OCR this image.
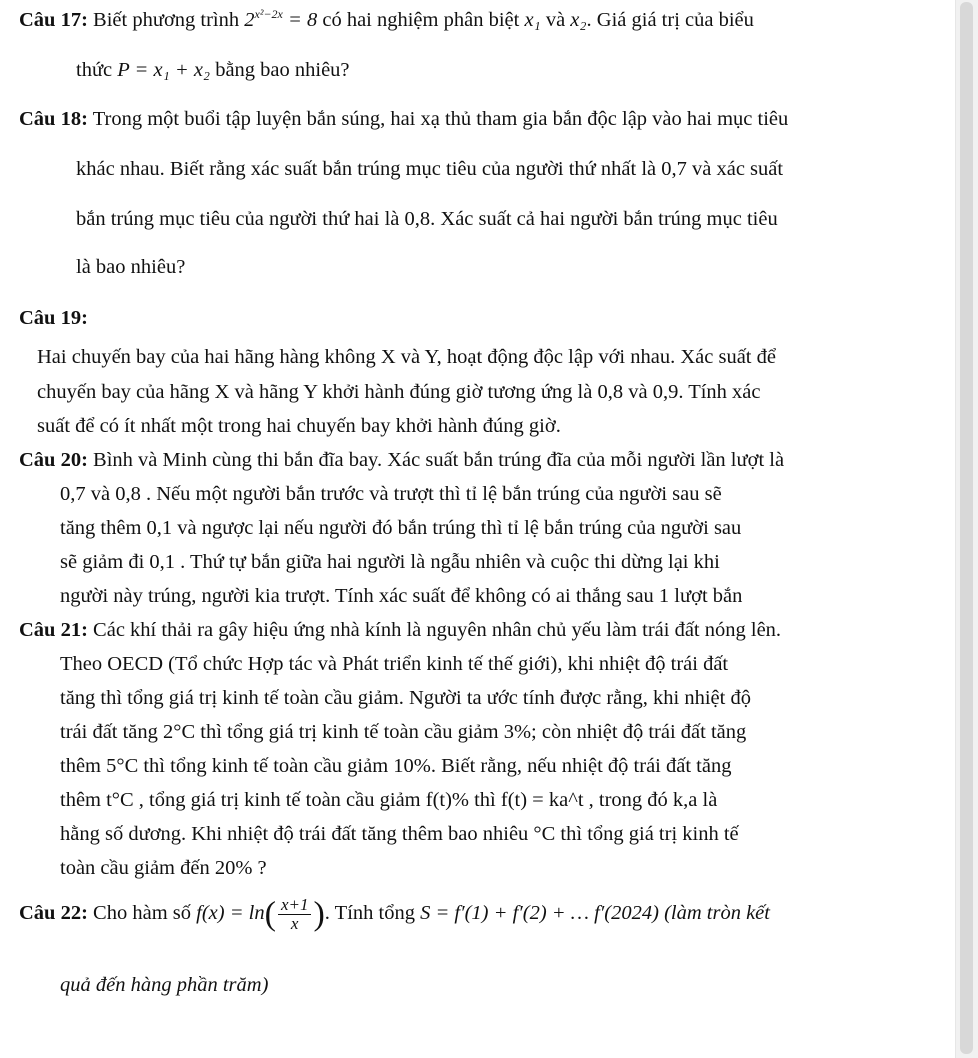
Câu 17: Biết phương trình $2^{x^2-2x} = 8$ có hai nghiệm phân biệt x₁ và x₂. Giá giá trị của biểu
thức P = x₁ + x₂ bằng bao nhiêu?
Câu 18: Trong một buổi tập luyện bắn súng, hai xạ thủ tham gia bắn độc lập vào hai mục tiêu
khác nhau. Biết rằng xác suất bắn trúng mục tiêu của người thứ nhất là 0,7 và xác suất
bắn trúng mục tiêu của người thứ hai là 0,8. Xác suất cả hai người bắn trúng mục tiêu
là bao nhiêu?
Câu 19:
Hai chuyến bay của hai hãng hàng không X và Y, hoạt động độc lập với nhau. Xác suất để
chuyến bay của hãng X và hãng Y khởi hành đúng giờ tương ứng là 0,8 và 0,9. Tính xác
suất để có ít nhất một trong hai chuyến bay khởi hành đúng giờ.
Câu 20: Bình và Minh cùng thi bắn đĩa bay. Xác suất bắn trúng đĩa của mỗi người lần lượt là
0,7 và 0,8 . Nếu một người bắn trước và trượt thì tỉ lệ bắn trúng của người sau sẽ
tăng thêm 0,1 và ngược lại nếu người đó bắn trúng thì tỉ lệ bắn trúng của người sau
sẽ giảm đi 0,1 . Thứ tự bắn giữa hai người là ngẫu nhiên và cuộc thi dừng lại khi
người này trúng, người kia trượt. Tính xác suất để không có ai thắng sau 1 lượt bắn
Câu 21: Các khí thải ra gây hiệu ứng nhà kính là nguyên nhân chủ yếu làm trái đất nóng lên.
Theo OECD (Tổ chức Hợp tác và Phát triển kinh tế thế giới), khi nhiệt độ trái đất
tăng thì tổng giá trị kinh tế toàn cầu giảm. Người ta ước tính được rằng, khi nhiệt độ
trái đất tăng 2°C thì tổng giá trị kinh tế toàn cầu giảm 3%; còn nhiệt độ trái đất tăng
thêm 5°C thì tổng kinh tế toàn cầu giảm 10%. Biết rằng, nếu nhiệt độ trái đất tăng
thêm t°C , tổng giá trị kinh tế toàn cầu giảm f(t)% thì f(t) = ka^t , trong đó k,a là
hằng số dương. Khi nhiệt độ trái đất tăng thêm bao nhiêu °C thì tổng giá trị kinh tế
toàn cầu giảm đến 20% ?
Câu 22: Cho hàm số $f(x) = \ln( \frac{x+1}{x}$ ). Tính tổng S = f′(1) + f′(2) + … f′(2024) (làm tròn kết
quả đến hàng phần trăm)
